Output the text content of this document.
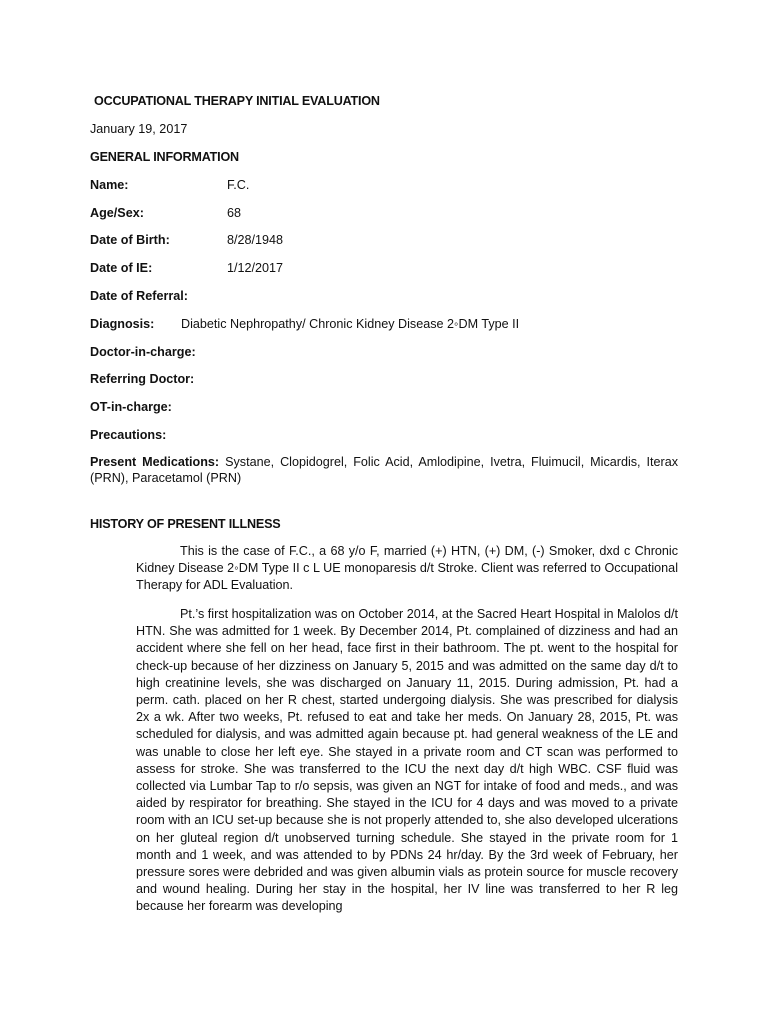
OCCUPATIONAL THERAPY INITIAL EVALUATION
January 19, 2017
GENERAL INFORMATION
Name:	F.C.
Age/Sex:	68
Date of Birth:	8/28/1948
Date of IE:	1/12/2017
Date of Referral:
Diagnosis: Diabetic Nephropathy/ Chronic Kidney Disease 2◦DM Type II
Doctor-in-charge:
Referring Doctor:
OT-in-charge:
Precautions:
Present Medications: Systane, Clopidogrel, Folic Acid, Amlodipine, Ivetra, Fluimucil, Micardis, Iterax (PRN), Paracetamol (PRN)
HISTORY OF PRESENT ILLNESS

This is the case of F.C., a 68 y/o F, married (+) HTN, (+) DM, (-) Smoker, dxd c Chronic Kidney Disease 2◦DM Type II c L UE monoparesis d/t Stroke. Client was referred to Occupational Therapy for ADL Evaluation.

Pt.’s first hospitalization was on October 2014, at the Sacred Heart Hospital in Malolos d/t HTN. She was admitted for 1 week. By December 2014, Pt. complained of dizziness and had an accident where she fell on her head, face first in their bathroom. The pt. went to the hospital for check-up because of her dizziness on January 5, 2015 and was admitted on the same day d/t to high creatinine levels, she was discharged on January 11, 2015. During admission, Pt. had a perm. cath. placed on her R chest, started undergoing dialysis. She was prescribed for dialysis 2x a wk. After two weeks, Pt. refused to eat and take her meds. On January 28, 2015, Pt. was scheduled for dialysis, and was admitted again because pt. had general weakness of the LE and was unable to close her left eye. She stayed in a private room and CT scan was performed to assess for stroke. She was transferred to the ICU the next day d/t high WBC. CSF fluid was collected via Lumbar Tap to r/o sepsis, was given an NGT for intake of food and meds., and was aided by respirator for breathing. She stayed in the ICU for 4 days and was moved to a private room with an ICU set-up because she is not properly attended to, she also developed ulcerations on her gluteal region d/t unobserved turning schedule. She stayed in the private room for 1 month and 1 week, and was attended to by PDNs 24 hr/day. By the 3rd week of February, her pressure sores were debrided and was given albumin vials as protein source for muscle recovery and wound healing. During her stay in the hospital, her IV line was transferred to her R leg because her forearm was developing
